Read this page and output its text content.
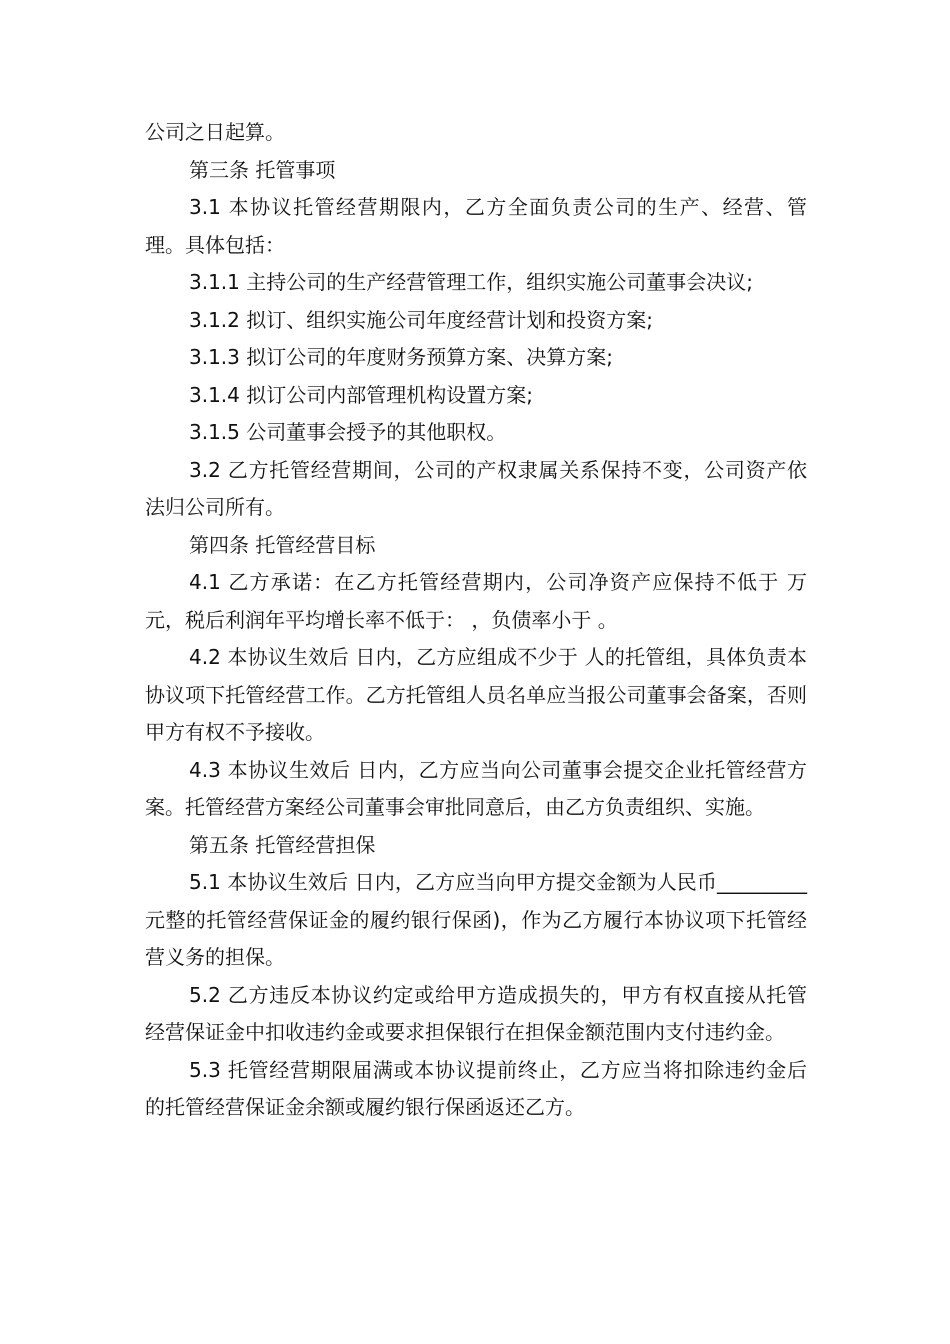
公司之日起算。

第三条 托管事项

3.1 本协议托管经营期限内，乙方全面负责公司的生产、经营、管理。具体包括：

3.1.1 主持公司的生产经营管理工作，组织实施公司董事会决议;

3.1.2 拟订、组织实施公司年度经营计划和投资方案;

3.1.3 拟订公司的年度财务预算方案、决算方案;

3.1.4 拟订公司内部管理机构设置方案;

3.1.5 公司董事会授予的其他职权。

3.2 乙方托管经营期间，公司的产权隶属关系保持不变，公司资产依法归公司所有。

第四条 托管经营目标

4.1 乙方承诺：在乙方托管经营期内，公司净资产应保持不低于 万元，税后利润年平均增长率不低于： ，负债率小于 。

4.2 本协议生效后 日内，乙方应组成不少于 人的托管组，具体负责本协议项下托管经营工作。乙方托管组人员名单应当报公司董事会备案，否则甲方有权不予接收。

4.3 本协议生效后 日内，乙方应当向公司董事会提交企业托管经营方案。托管经营方案经公司董事会审批同意后，由乙方负责组织、实施。

第五条 托管经营担保

5.1 本协议生效后 日内，乙方应当向甲方提交金额为人民币_________元整的托管经营保证金的履约银行保函)，作为乙方履行本协议项下托管经营义务的担保。

5.2 乙方违反本协议约定或给甲方造成损失的，甲方有权直接从托管经营保证金中扣收违约金或要求担保银行在担保金额范围内支付违约金。

5.3 托管经营期限届满或本协议提前终止，乙方应当将扣除违约金后的托管经营保证金余额或履约银行保函返还乙方。
